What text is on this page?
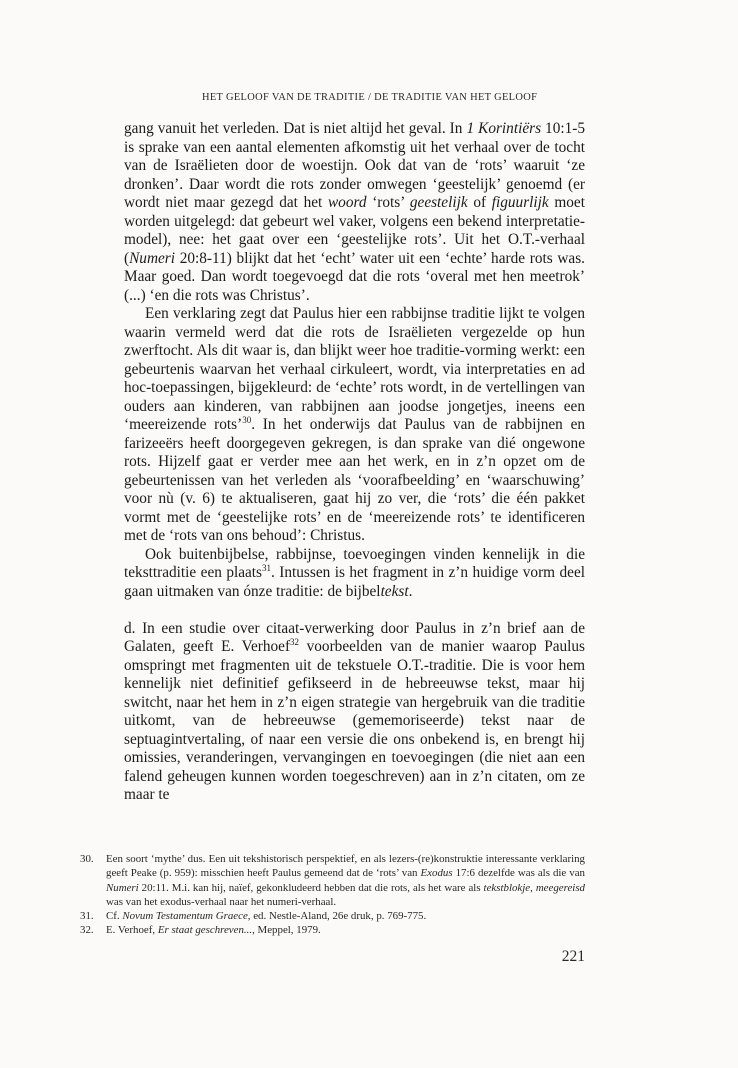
HET GELOOF VAN DE TRADITIE / DE TRADITIE VAN HET GELOOF

gang vanuit het verleden. Dat is niet altijd het geval. In 1 Korintiërs 10:1-5 is sprake van een aantal elementen afkomstig uit het verhaal over de tocht van de Israëlieten door de woestijn. Ook dat van de ‘rots’ waaruit ‘ze dronken’. Daar wordt die rots zonder omwegen ‘geestelijk’ genoemd (er wordt niet maar gezegd dat het woord ‘rots’ geestelijk of figuurlijk moet worden uitgelegd: dat gebeurt wel vaker, volgens een bekend interpretatie-model), nee: het gaat over een ‘geestelijke rots’. Uit het O.T.-verhaal (Numeri 20:8-11) blijkt dat het ‘echt’ water uit een ‘echte’ harde rots was. Maar goed. Dan wordt toegevoegd dat die rots ‘overal met hen meetrok’ (...) ‘en die rots was Christus’.

Een verklaring zegt dat Paulus hier een rabbijnse traditie lijkt te volgen waarin vermeld werd dat die rots de Israëlieten vergezelde op hun zwerftocht. Als dit waar is, dan blijkt weer hoe traditie-vorming werkt: een gebeurtenis waarvan het verhaal cirkuleert, wordt, via interpretaties en ad hoc-toepassingen, bijgekleurd: de ‘echte’ rots wordt, in de vertellingen van ouders aan kinderen, van rabbijnen aan joodse jongetjes, ineens een ‘meereizende rots’$^{30}$. In het onderwijs dat Paulus van de rabbijnen en farizeeërs heeft doorgegeven gekregen, is dan sprake van dié ongewone rots. Hijzelf gaat er verder mee aan het werk, en in z’n opzet om de gebeurtenissen van het verleden als ‘voorafbeelding’ en ‘waarschuwing’ voor nù (v. 6) te aktualiseren, gaat hij zo ver, die ‘rots’ die één pakket vormt met de ‘geestelijke rots’ en de ‘meereizende rots’ te identificeren met de ‘rots van ons behoud’: Christus.

Ook buitenbijbelse, rabbijnse, toevoegingen vinden kennelijk in die teksttraditie een plaats$^{31}$. Intussen is het fragment in z’n huidige vorm deel gaan uitmaken van ónze traditie: de bijbeltekst.

d. In een studie over citaat-verwerking door Paulus in z’n brief aan de Galaten, geeft E. Verhoef$^{32}$ voorbeelden van de manier waarop Paulus omspringt met fragmenten uit de tekstuele O.T.-traditie. Die is voor hem kennelijk niet definitief gefikseerd in de hebreeuwse tekst, maar hij switcht, naar het hem in z’n eigen strategie van hergebruik van die traditie uitkomt, van de hebreeuwse (gememoriseerde) tekst naar de septuagintvertaling, of naar een versie die ons onbekend is, en brengt hij omissies, veranderingen, vervangingen en toevoegingen (die niet aan een falend geheugen kunnen worden toegeschreven) aan in z’n citaten, om ze maar te

30.	Een soort ‘mythe’ dus. Een uit tekshistorisch perspektief, en als lezers-(re)konstruktie interessante verklaring geeft Peake (p. 959): misschien heeft Paulus gemeend dat de ‘rots’ van Exodus 17:6 dezelfde was als die van Numeri 20:11. M.i. kan hij, naïef, gekonkludeerd hebben dat die rots, als het ware als tekstblokje, meegereisd was van het exodus-verhaal naar het numeri-verhaal.
31.	Cf. Novum Testamentum Graece, ed. Nestle-Aland, 26e druk, p. 769-775.
32.	E. Verhoef, Er staat geschreven..., Meppel, 1979.
221
